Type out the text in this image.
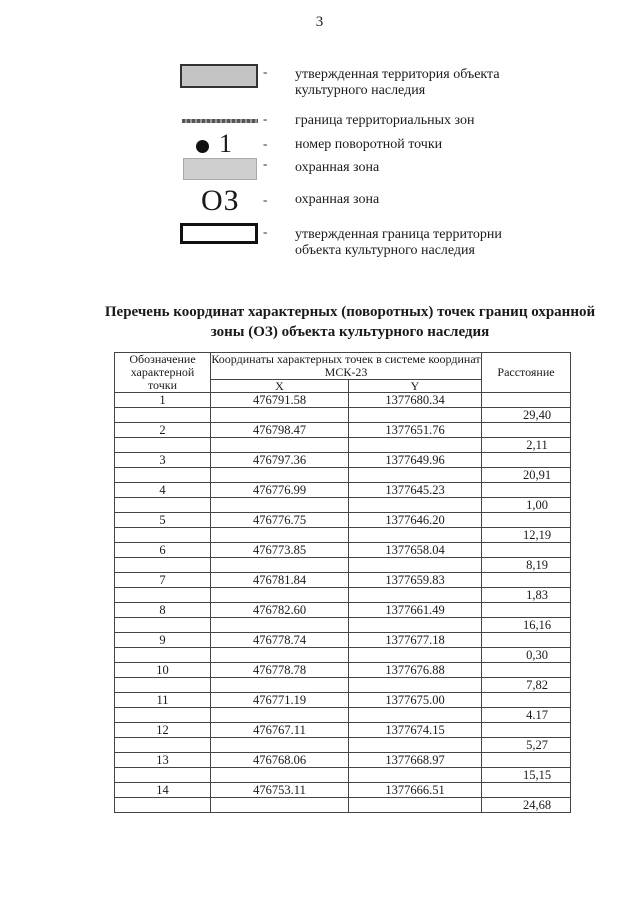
3
- утвержденная территория объекта культурного наследия
- граница территориальных зон
1 - номер поворотной точки
- охранная зона
ОЗ - охранная зона
- утвержденная граница территорни объекта культурного наследия
Перечень координат характерных (поворотных) точек границ охранной
зоны (ОЗ) объекта культурного наследия
Обозначение характерной точки	Координаты характерных точек в системе координат МСК-23		Расстояние
	X	Y	
1	476791.58	1377680.34	
			29,40
2	476798.47	1377651.76	
			2,11
3	476797.36	1377649.96	
			20,91
4	476776.99	1377645.23	
			1,00
5	476776.75	1377646.20	
			12,19
6	476773.85	1377658.04	
			8,19
7	476781.84	1377659.83	
			1,83
8	476782.60	1377661.49	
			16,16
9	476778.74	1377677.18	
			0,30
10	476778.78	1377676.88	
			7,82
11	476771.19	1377675.00	
			4.17
12	476767.11	1377674.15	
			5,27
13	476768.06	1377668.97	
			15,15
14	476753.11	1377666.51	
			24,68
